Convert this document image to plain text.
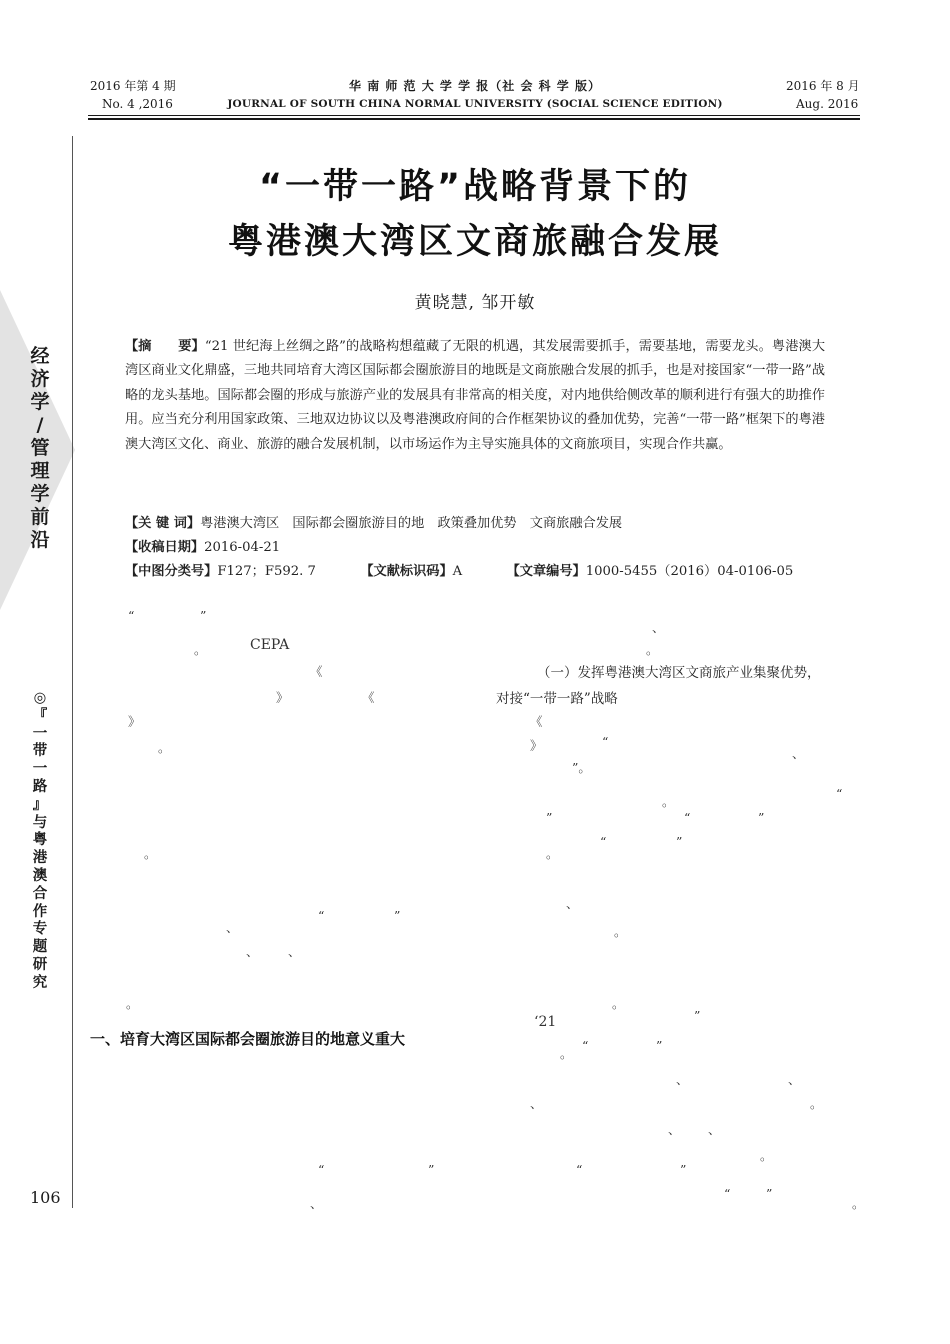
2016 年第 4 期
No. 4 ,2016
华 南 师 范 大 学 学 报（社 会 科 学 版）
JOURNAL OF SOUTH CHINA NORMAL UNIVERSITY (SOCIAL SCIENCE EDITION)
2016 年 8 月
Aug. 2016
经
济
学
/
管
理
学
前
沿
◎
『
一
带
一
路
』
与
粤
港
澳
合
作
专
题
研
究
106
“一带一路”战略背景下的
粤港澳大湾区文商旅融合发展
黄晓慧, 邹开敏
【摘　　要】“21 世纪海上丝绸之路”的战略构想蕴藏了无限的机遇，其发展需要抓手，需要基地，需要龙头。粤港澳大湾区商业文化鼎盛，三地共同培育大湾区国际都会圈旅游目的地既是文商旅融合发展的抓手，也是对接国家“一带一路”战略的龙头基地。国际都会圈的形成与旅游产业的发展具有非常高的相关度，对内地供给侧改革的顺利进行有强大的助推作用。应当充分利用国家政策、三地双边协议以及粤港澳政府间的合作框架协议的叠加优势，完善“一带一路”框架下的粤港澳大湾区文化、商业、旅游的融合发展机制，以市场运作为主导实施具体的文商旅项目，实现合作共赢。
【关 键 词】粤港澳大湾区　国际都会圈旅游目的地　政策叠加优势　文商旅融合发展
【收稿日期】2016-04-21
【中图分类号】F127；F592. 7	【文献标识码】A	【文章编号】1000-5455（2016）04-0106-05
“	”
、
。	CEPA	。
《	（一）发挥粤港澳大湾区文商旅产业集聚优势，
》	《	对接“一带一路”战略
》	《
。	》	“
、
”。
。
“
”	“	”
。	。
“	”
、
“	”
、	。
、 、
。	。
‘21	”
一、培育大湾区国际都会圈旅游目的地意义重大
。
“	”
、	、
、	。
、 、
。
“	”	“	”
、
“	”
。
